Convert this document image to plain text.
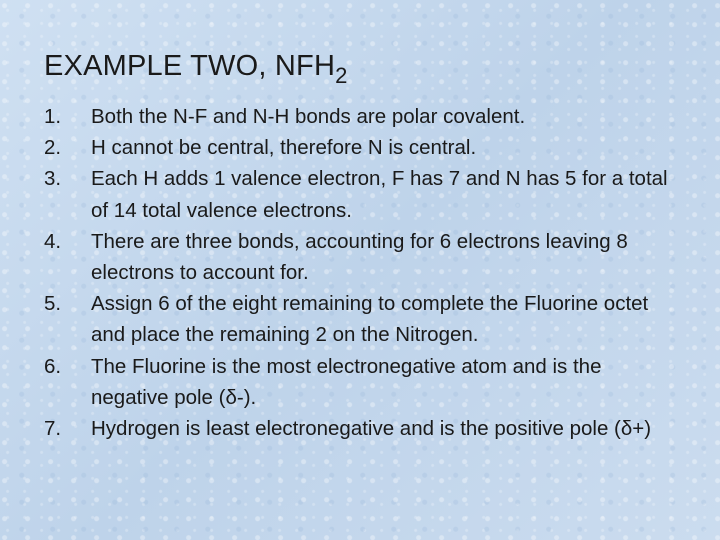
EXAMPLE TWO, $NFH_2$
1.	Both the N-F and N-H bonds are polar covalent.
2.	H cannot be central, therefore N is central.
3.	Each H adds 1 valence electron, F has 7 and N has 5 for a total of 14 total valence electrons.
4.	There are three bonds, accounting for 6 electrons leaving 8 electrons to account for.
5.	Assign 6 of the eight remaining to complete the Fluorine octet and place the remaining 2 on the Nitrogen.
6.	The Fluorine is the most electronegative atom and is the negative pole (δ-).
7.	Hydrogen is least electronegative and is the positive pole (δ+)
